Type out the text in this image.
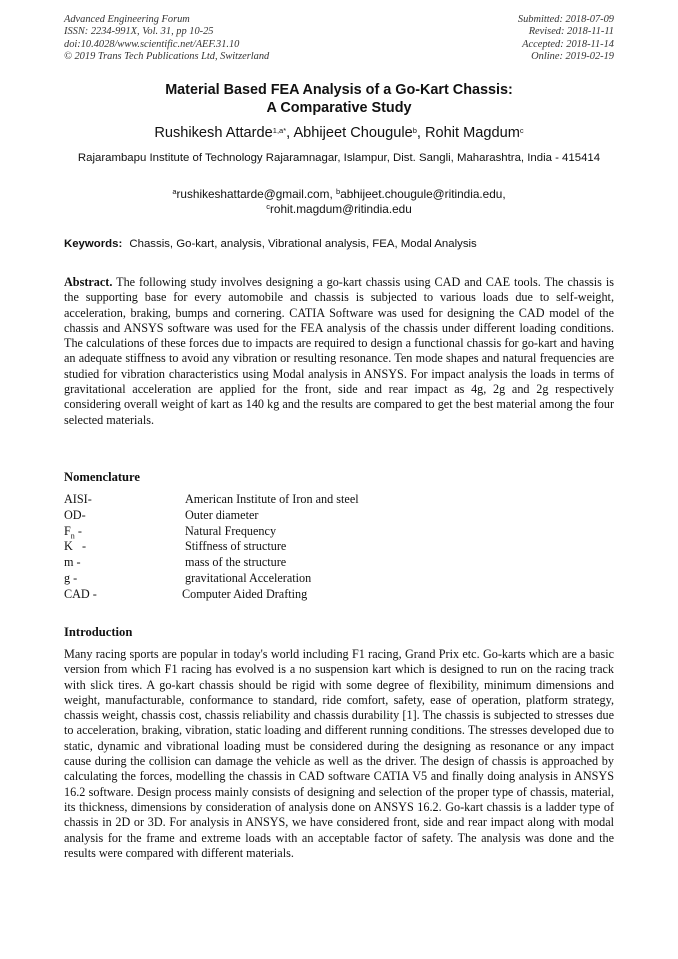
Advanced Engineering Forum
ISSN: 2234-991X, Vol. 31, pp 10-25
doi:10.4028/www.scientific.net/AEF.31.10
© 2019 Trans Tech Publications Ltd, Switzerland
Submitted: 2018-07-09
Revised: 2018-11-11
Accepted: 2018-11-14
Online: 2019-02-19
Material Based FEA Analysis of a Go-Kart Chassis:
A Comparative Study
Rushikesh Attarde$^{1,a*}$, Abhijeet Chougule$^b$, Rohit Magdum$^c$
Rajarambapu Institute of Technology Rajaramnagar, Islampur, Dist. Sangli, Maharashtra, India - 415414
$^a$rushikeshattarde@gmail.com, $^b$abhijeet.chougule@ritindia.edu,
$^c$rohit.magdum@ritindia.edu
Keywords: Chassis, Go-kart, analysis, Vibrational analysis, FEA, Modal Analysis
Abstract. The following study involves designing a go-kart chassis using CAD and CAE tools. The chassis is the supporting base for every automobile and chassis is subjected to various loads due to self-weight, acceleration, braking, bumps and cornering. CATIA Software was used for designing the CAD model of the chassis and ANSYS software was used for the FEA analysis of the chassis under different loading conditions. The calculations of these forces due to impacts are required to design a functional chassis for go-kart and having an adequate stiffness to avoid any vibration or resulting resonance. Ten mode shapes and natural frequencies are studied for vibration characteristics using Modal analysis in ANSYS. For impact analysis the loads in terms of gravitational acceleration are applied for the front, side and rear impact as 4g, 2g and 2g respectively considering overall weight of kart as 140 kg and the results are compared to get the best material among the four selected materials.
Nomenclature
AISI-	American Institute of Iron and steel
OD-	Outer diameter
$F_n$ -	Natural Frequency
K   -	Stiffness of structure
m -	mass of the structure
g -	gravitational Acceleration
CAD -	Computer Aided Drafting
Introduction
Many racing sports are popular in today's world including F1 racing, Grand Prix etc. Go-karts which are a basic version from which F1 racing has evolved is a no suspension kart which is designed to run on the racing track with slick tires. A go-kart chassis should be rigid with some degree of flexibility, minimum dimensions and weight, manufacturable, conformance to standard, ride comfort, safety, ease of operation, platform strategy, chassis weight, chassis cost, chassis reliability and chassis durability [1]. The chassis is subjected to stresses due to acceleration, braking, vibration, static loading and different running conditions. The stresses developed due to static, dynamic and vibrational loading must be considered during the designing as resonance or any impact cause during the collision can damage the vehicle as well as the driver. The design of chassis is approached by calculating the forces, modelling the chassis in CAD software CATIA V5 and finally doing analysis in ANSYS 16.2 software. Design process mainly consists of designing and selection of the proper type of chassis, material, its thickness, dimensions by consideration of analysis done on ANSYS 16.2. Go-kart chassis is a ladder type of chassis in 2D or 3D. For analysis in ANSYS, we have considered front, side and rear impact along with modal analysis for the frame and extreme loads with an acceptable factor of safety. The analysis was done and the results were compared with different materials.
